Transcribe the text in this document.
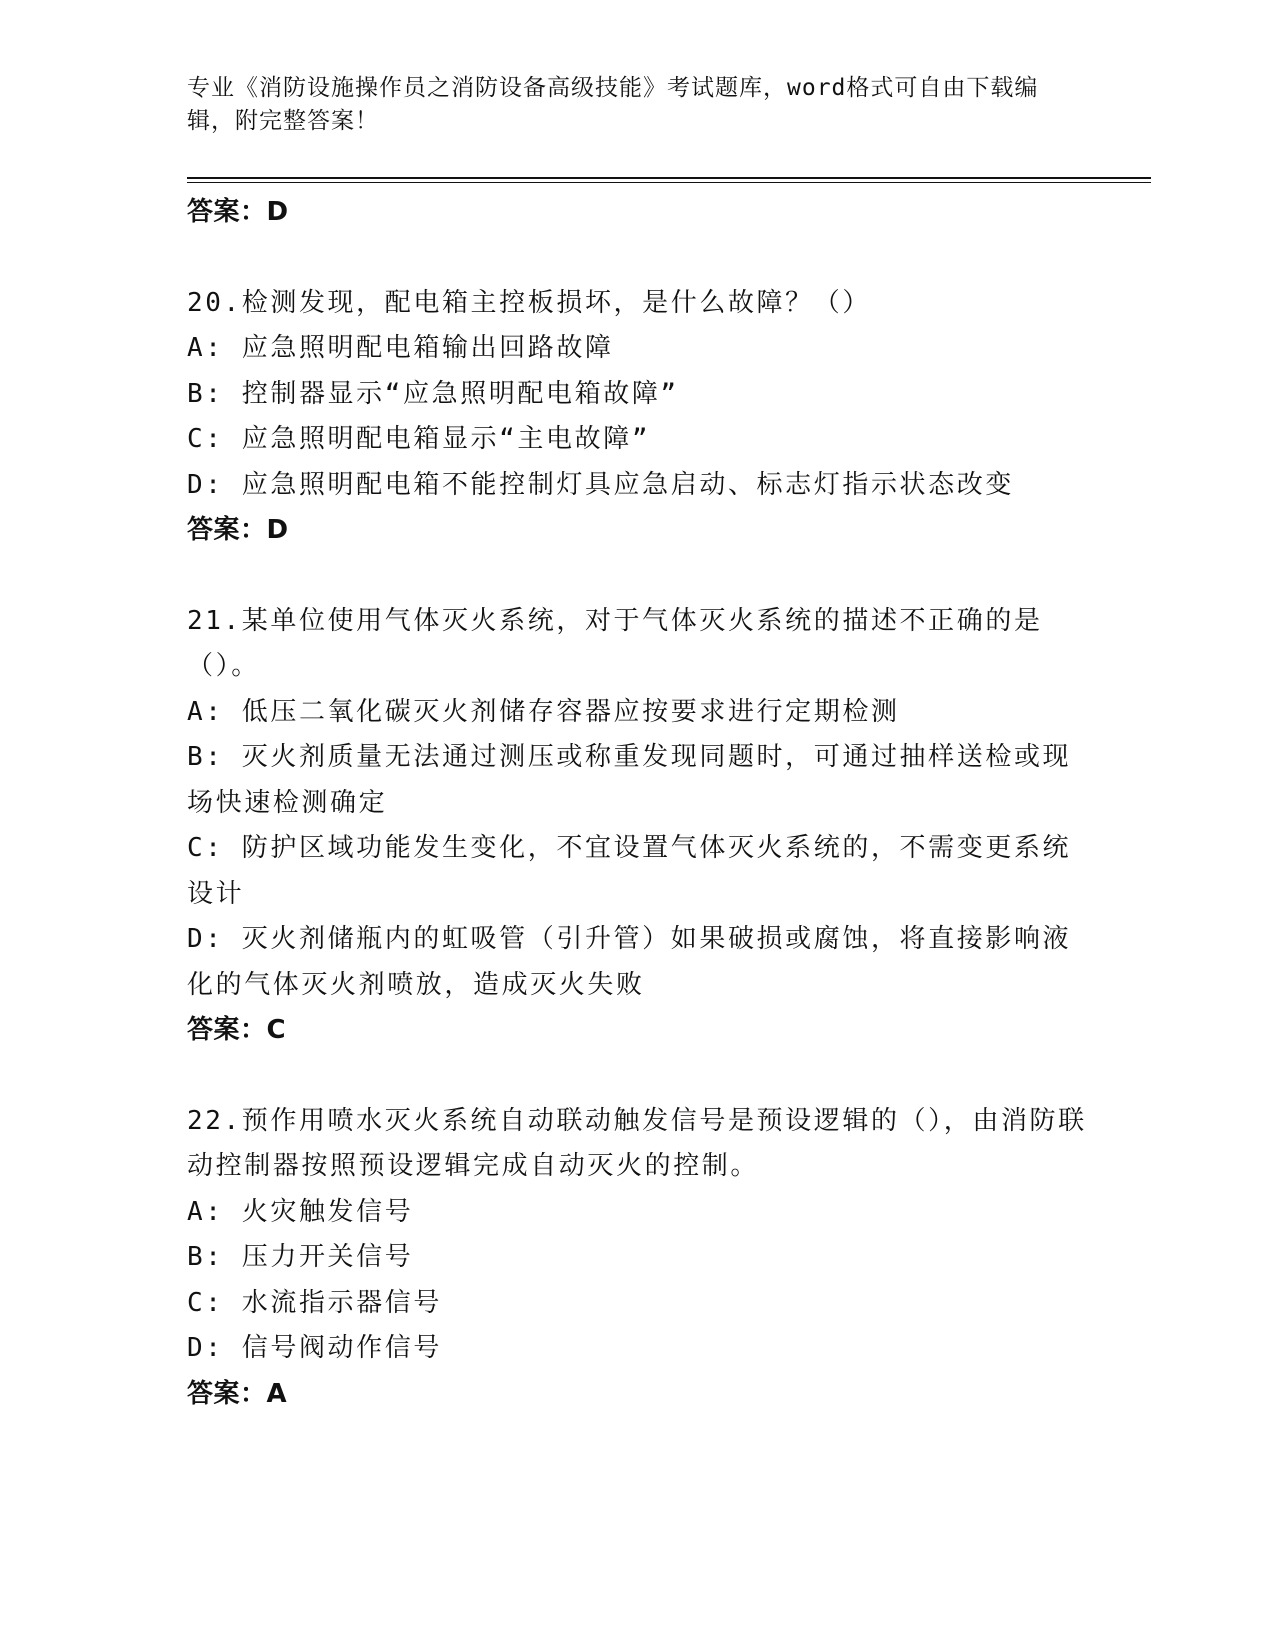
专业《消防设施操作员之消防设备高级技能》考试题库，word格式可自由下载编辑，附完整答案！
答案：D
20.检测发现，配电箱主控板损坏，是什么故障？（）
A: 应急照明配电箱输出回路故障
B: 控制器显示“应急照明配电箱故障”
C: 应急照明配电箱显示“主电故障”
D: 应急照明配电箱不能控制灯具应急启动、标志灯指示状态改变
答案：D
21.某单位使用气体灭火系统，对于气体灭火系统的描述不正确的是（）。
A: 低压二氧化碳灭火剂储存容器应按要求进行定期检测
B: 灭火剂质量无法通过测压或称重发现同题时，可通过抽样送检或现场快速检测确定
C: 防护区域功能发生变化，不宜设置气体灭火系统的，不需变更系统设计
D: 灭火剂储瓶内的虹吸管（引升管）如果破损或腐蚀，将直接影响液化的气体灭火剂喷放，造成灭火失败
答案：C
22.预作用喷水灭火系统自动联动触发信号是预设逻辑的（），由消防联动控制器按照预设逻辑完成自动灭火的控制。
A: 火灾触发信号
B: 压力开关信号
C: 水流指示器信号
D: 信号阀动作信号
答案：A
